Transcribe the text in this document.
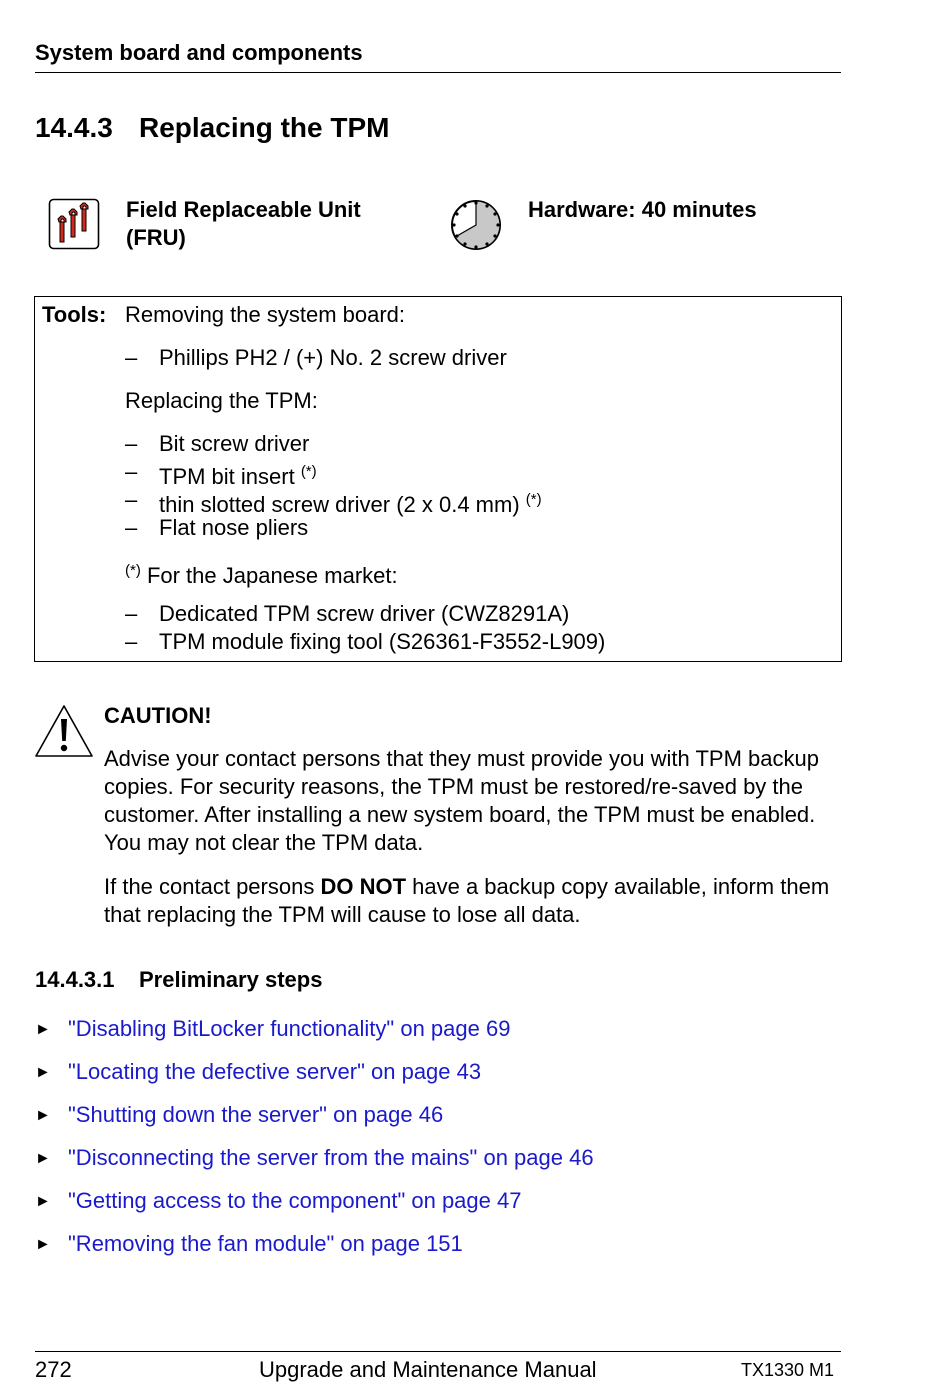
System board and components
14.4.3 Replacing the TPM
Field Replaceable Unit
(FRU)
Hardware: 40 minutes
Tools: Removing the system board:
– Phillips PH2 / (+) No. 2 screw driver
Replacing the TPM:
– Bit screw driver
– TPM bit insert (*)
– thin slotted screw driver (2 x 0.4 mm) (*)
– Flat nose pliers
(*) For the Japanese market:
– Dedicated TPM screw driver (CWZ8291A)
– TPM module fixing tool (S26361-F3552-L909)
CAUTION!
Advise your contact persons that they must provide you with TPM backup copies. For security reasons, the TPM must be restored/re-saved by the customer. After installing a new system board, the TPM must be enabled. You may not clear the TPM data.
If the contact persons DO NOT have a backup copy available, inform them that replacing the TPM will cause to lose all data.
14.4.3.1 Preliminary steps
► "Disabling BitLocker functionality" on page 69
► "Locating the defective server" on page 43
► "Shutting down the server" on page 46
► "Disconnecting the server from the mains" on page 46
► "Getting access to the component" on page 47
► "Removing the fan module" on page 151
272	Upgrade and Maintenance Manual	TX1330 M1
